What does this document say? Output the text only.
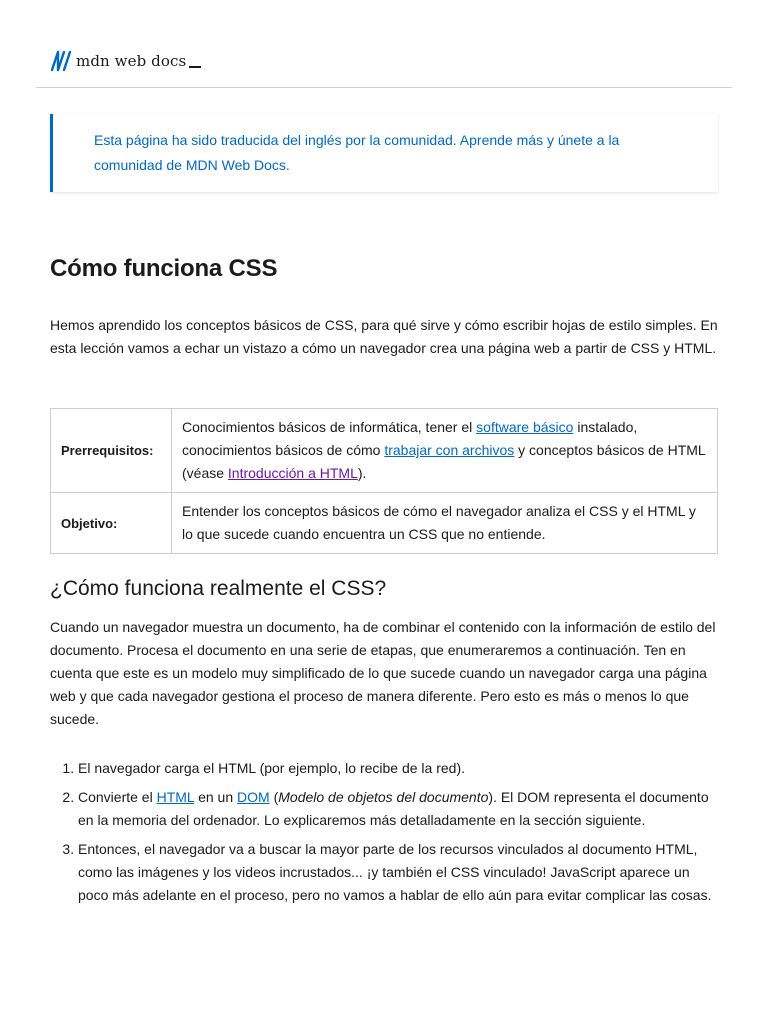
mdn web docs
Esta página ha sido traducida del inglés por la comunidad. Aprende más y únete a la
comunidad de MDN Web Docs.
Cómo funciona CSS

Hemos aprendido los conceptos básicos de CSS, para qué sirve y cómo escribir hojas de estilo simples. En esta lección vamos a echar un vistazo a cómo un navegador crea una página web a partir de CSS y HTML.

Prerrequisitos:	Conocimientos básicos de informática, tener el software básico instalado, conocimientos básicos de cómo trabajar con archivos y conceptos básicos de HTML (véase Introducción a HTML).
Objetivo:	Entender los conceptos básicos de cómo el navegador analiza el CSS y el HTML y lo que sucede cuando encuentra un CSS que no entiende.
¿Cómo funciona realmente el CSS?

Cuando un navegador muestra un documento, ha de combinar el contenido con la información de estilo del documento. Procesa el documento en una serie de etapas, que enumeraremos a continuación. Ten en cuenta que este es un modelo muy simplificado de lo que sucede cuando un navegador carga una página web y que cada navegador gestiona el proceso de manera diferente. Pero esto es más o menos lo que sucede.

1. El navegador carga el HTML (por ejemplo, lo recibe de la red).
2. Convierte el HTML en un DOM (Modelo de objetos del documento). El DOM representa el documento en la memoria del ordenador. Lo explicaremos más detalladamente en la sección siguiente.
3. Entonces, el navegador va a buscar la mayor parte de los recursos vinculados al documento HTML, como las imágenes y los videos incrustados... ¡y también el CSS vinculado! JavaScript aparece un poco más adelante en el proceso, pero no vamos a hablar de ello aún para evitar complicar las cosas.
